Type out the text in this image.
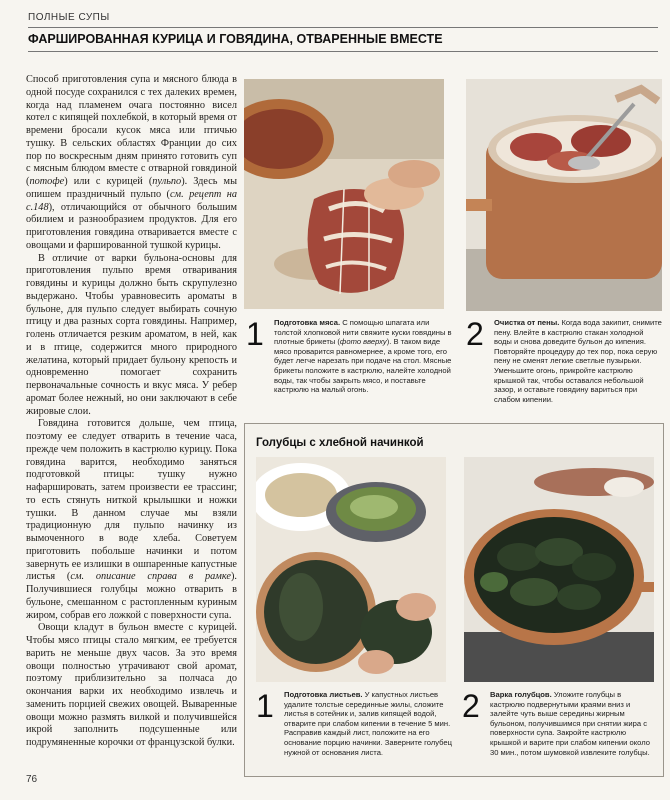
ПОЛНЫЕ СУПЫ
ФАРШИРОВАННАЯ КУРИЦА И ГОВЯДИНА, ОТВАРЕННЫЕ ВМЕСТЕ

Способ приготовления супа и мясного блюда в одной посуде сохранился с тех далеких времен, когда над пламенем очага постоянно висел котел с кипящей похлебкой, в который время от времени бросали кусок мяса или птичью тушку. В сельских областях Франции до сих пор по воскресным дням принято готовить суп с мясным блюдом вместе с отварной говядиной (потофе) или с курицей (пульпо). Здесь мы опишем праздничный пульпо (см. рецепт на с.148), отличающийся от обычного большим обилием и разнообразием продуктов. Для его приготовления говядина отваривается вместе с овощами и фаршированной тушкой курицы.

В отличие от варки бульона-основы для приготовления пульпо время отваривания говядины и курицы должно быть скрупулезно выдержано. Чтобы уравновесить ароматы в бульоне, для пульпо следует выбирать сочную птицу и два разных сорта говядины. Например, голень отличается резким ароматом, в ней, как и в птице, содержится много природного желатина, который придает бульону крепость и одновременно помогает сохранить первоначальные сочность и вкус мяса. У ребер аромат более нежный, но они заключают в себе жировые слои.

Говядина готовится дольше, чем птица, поэтому ее следует отварить в течение часа, прежде чем положить в кастрюлю курицу. Пока говядина варится, необходимо заняться подготовкой птицы: тушку нужно нафаршировать, затем произвести ее трассинг, то есть стянуть ниткой крылышки и ножки тушки. В данном случае мы взяли традиционную для пульпо начинку из вымоченного в воде хлеба. Советуем приготовить побольше начинки и потом завернуть ее излишки в ошпаренные капустные листья (см. описание справа в рамке). Получившиеся голубцы можно отварить в бульоне, смешанном с растопленным куриным жиром, собрав его ложкой с поверхности супа.

Овощи кладут в бульон вместе с курицей. Чтобы мясо птицы стало мягким, ее требуется варить не меньше двух часов. За это время овощи полностью утрачивают свой аромат, поэтому приблизительно за полчаса до окончания варки их необходимо извлечь и заменить порцией свежих овощей. Вываренные овощи можно размять вилкой и получившейся икрой заполнить подсушенные или подрумяненные корочки от французской булки.

1	Подготовка мяса. С помощью шпагата или толстой хлопковой нити свяжите куски говядины в плотные брикеты (фото вверху). В таком виде мясо проварится равномернее, а кроме того, его будет легче нарезать при подаче на стол. Мясные брикеты положите в кастрюлю, налейте холодной воды, так чтобы закрыть мясо, и поставьте кастрюлю на малый огонь.
2	Очистка от пены. Когда вода закипит, снимите пену. Влейте в кастрюлю стакан холодной воды и снова доведите бульон до кипения. Повторяйте процедуру до тех пор, пока серую пену не сменят легкие светлые пузырьки. Уменьшите огонь, прикройте кастрюлю крышкой так, чтобы оставался небольшой зазор, и оставьте говядину вариться при слабом кипении.
Голубцы с хлебной начинкой
1	Подготовка листьев. У капустных листьев удалите толстые серединные жилы, сложите листья в сотейник и, залив кипящей водой, отварите при слабом кипении в течение 5 мин. Расправив каждый лист, положите на его основание порцию начинки. Заверните голубец нужной от основания листа.
2	Варка голубцов. Уложите голубцы в кастрюлю подвернутыми краями вниз и залейте чуть выше середины жирным бульоном, получившимся при снятии жира с поверхности супа. Закройте кастрюлю крышкой и варите при слабом кипении около 30 мин., потом шумовкой извлеките голубцы.
76
